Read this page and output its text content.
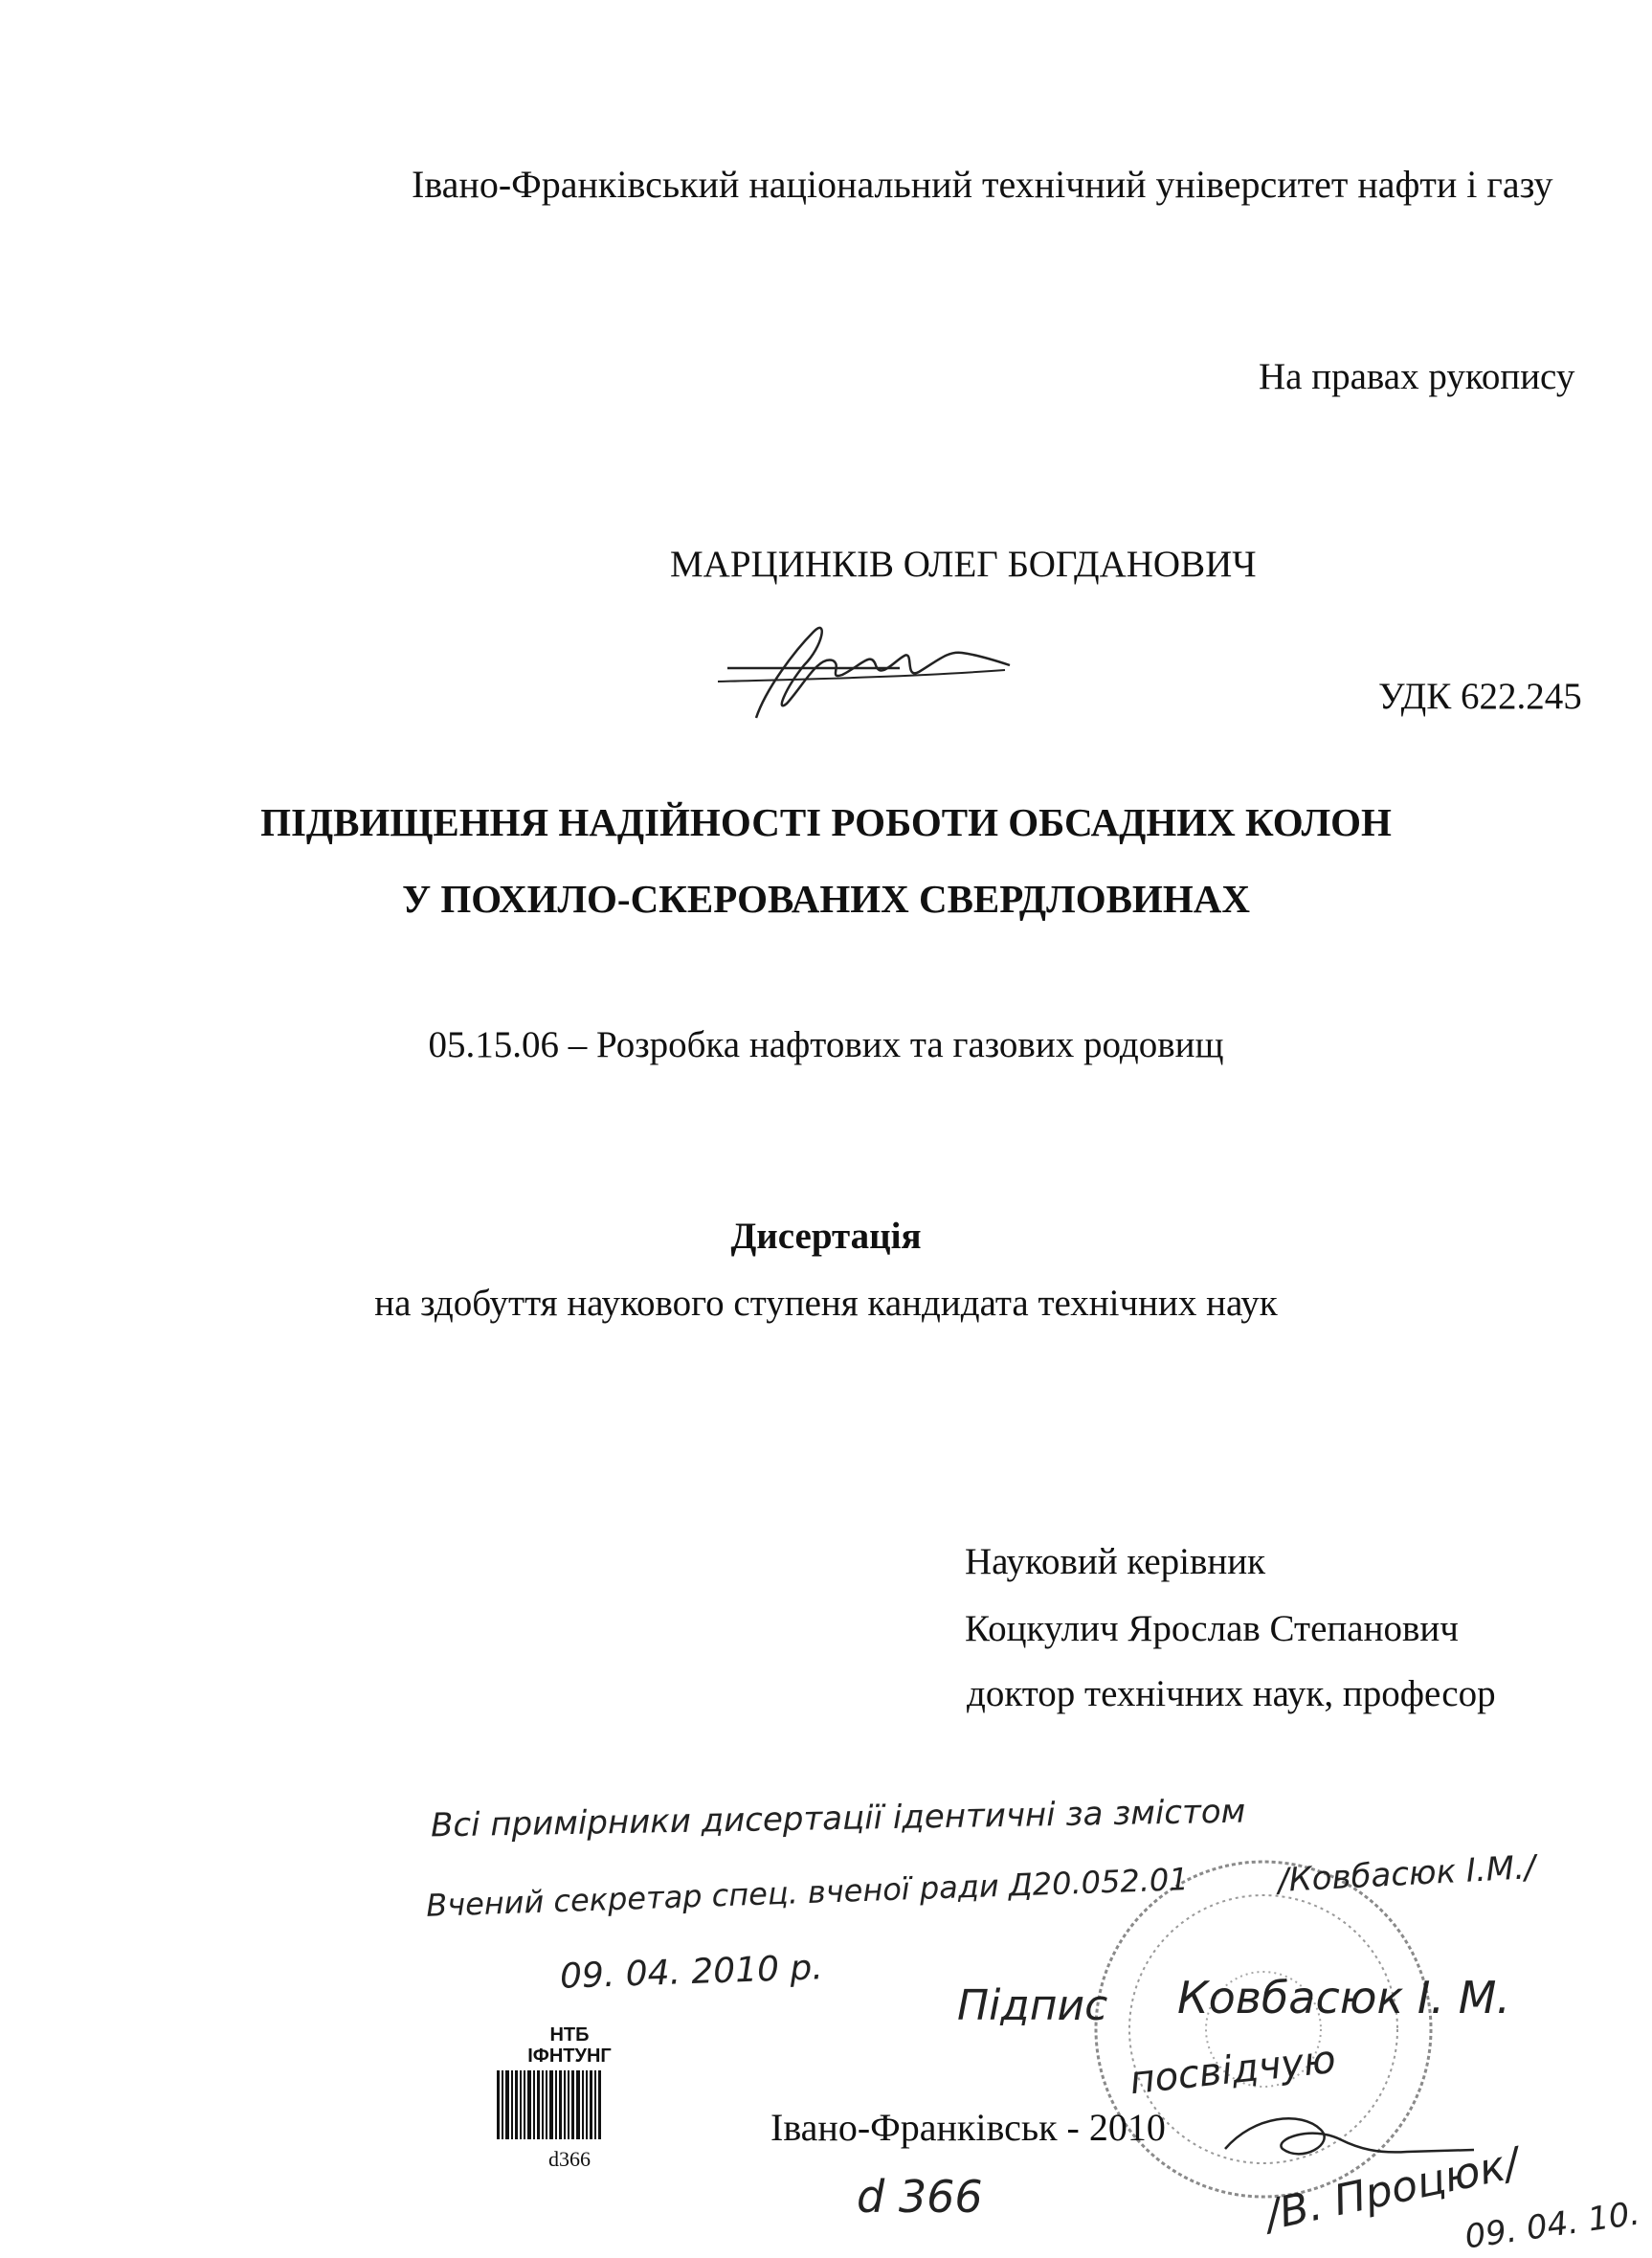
Івано-Франківський національний технічний університет нафти і газу
На правах рукопису
МАРЦИНКІВ ОЛЕГ БОГДАНОВИЧ
УДК 622.245
ПІДВИЩЕННЯ НАДІЙНОСТІ РОБОТИ ОБСАДНИХ КОЛОН
У ПОХИЛО-СКЕРОВАНИХ СВЕРДЛОВИНАХ
05.15.06 – Розробка нафтових та газових родовищ
Дисертація
на здобуття наукового ступеня кандидата технічних наук
Науковий керівник
Коцкулич Ярослав Степанович
доктор технічних наук, професор
Всі примірники дисертації ідентичні за змістом
Вчений секретар спец. вченої ради Д20.052.01	/Ковбасюк І.М./
09. 04. 2010 р.
Підпис Ковбасюк І. М.
посвідчую
Івано-Франківськ - 2010
d 366	/В. Процюк/
09. 04. 10.
НТБ
ІФНТУНГ
d366
